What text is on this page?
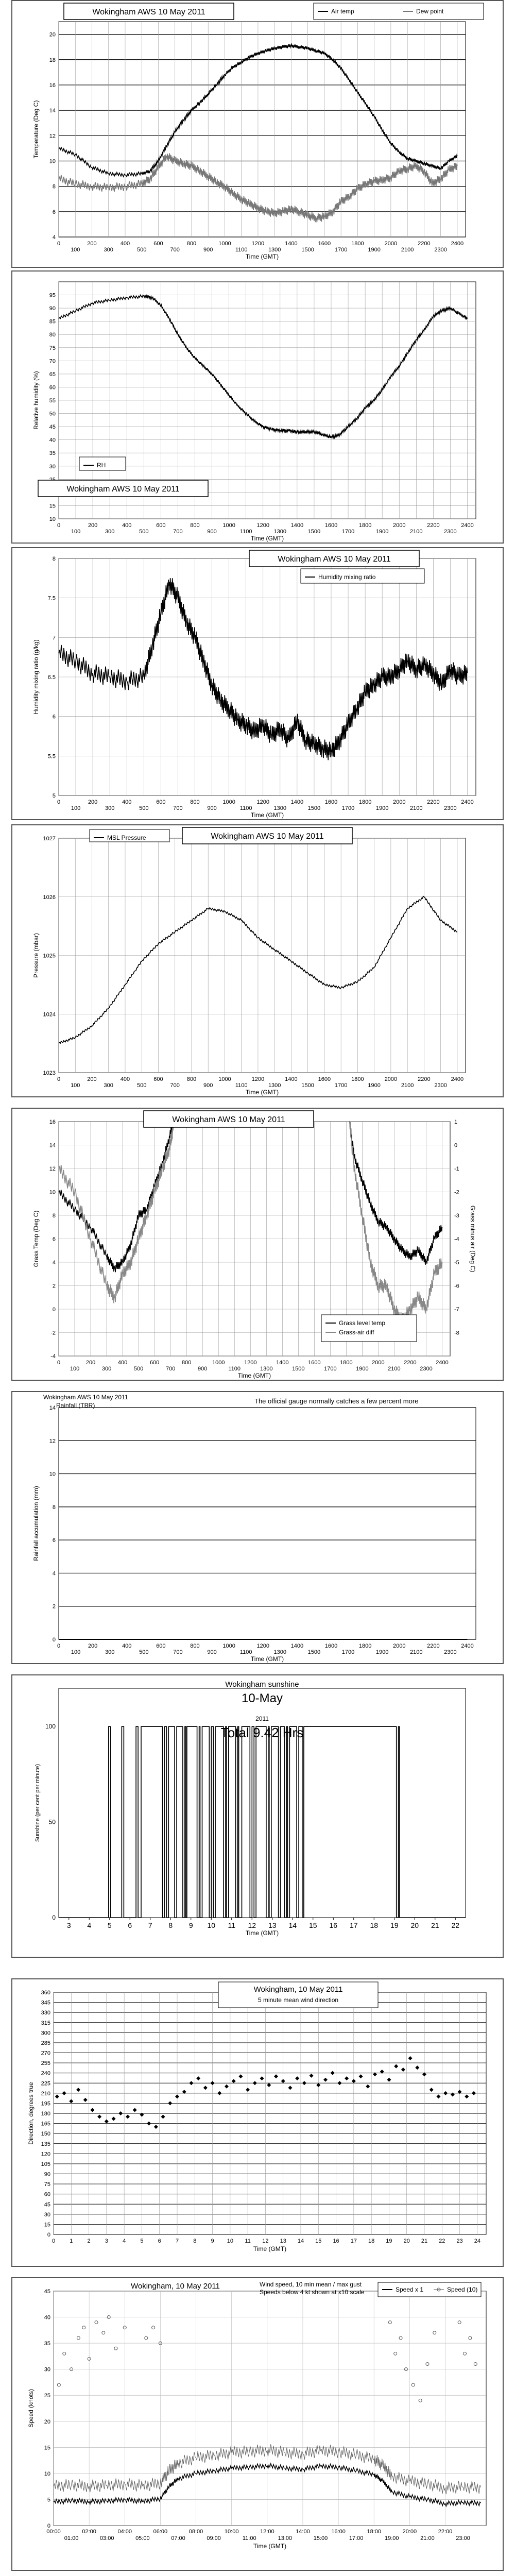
4
6
8
10
12
14
16
18
20
0
100
200
300
400
500
600
700
800
900
1000
1100
1200
1300
1400
1500
1600
1700
1800
1900
2000
2100
2200
2300
2400
Time (GMT)
Temperature (Deg C)
Wokingham AWS 10 May 2011	Air temp	Dew point
10
15
30
35
40
45
50
55
60
65
70
75
80
85
90
95
0
100
200
300
400
500
600
700
800
900
1000
1100
1200
1300
1400
1500
1600
1700
1800
1900
2000
2100
2200
2300
2400
Time (GMT)
Relative humidity (%)
Wokingham AWS 10 May 2011
RH
5
5.5
6
6.5
7
7.5
8
0
100
200
300
400
500
600
700
800
900
1000
1100
1200
1300
1400
1500
1600
1700
1800
1900
2000
2100
2200
2300
2400
Time (GMT)
Humidity mixing ratio (g/kg)
Wokingham AWS 10 May 2011
Humidity mixing ratio
1023
1024
1025
1026
1027
0
100
200
300
400
500
600
700
800
900
1000
1100
1200
1300
1400
1500
1600
1700
1800
1900
2000
2100
2200
2300
2400
Time (GMT)
Pressure (mbar)
Wokingham AWS 10 May 2011
MSL Pressure
-4
-2
0
2
4
6
8
10
12
14
16
0
100
200
300
400
500
600
700
800
900
1000
1100
1200
1300
1400
1500
1600
1700
1800
1900
2000
2100
2200
2300
2400
Time (GMT)
Grass Temp (Deg C)
-8
-7
-6
-5
-4
-3
-2
-1
0
1
Grass minus air (Deg C)
Wokingham AWS 10 May 2011
Grass level temp
Grass-air diff
0
2
4
6
8
10
12
14
0
100
200
300
400
500
600
700
800
900
1000
1100
1200
1300
1400
1500
1600
1700
1800
1900
2000
2100
2200
2300
2400
Time (GMT)
Rainfall accumulation (mm)
Wokingham AWS 10 May 2011
Rainfall (TBR)
The official gauge normally catches a few percent more
0
50
100
3 4 5 6 7 8 9 10 11 12 13 14 15 16 17 18 19 20 21 22
Time (GMT)
Sunshine (per cent per minute)
Wokingham sunshine
10-May
2011
Total 9.42 Hrs
0
15
30
45
60
75
90
105
120
135
150
165
180
195
210
225
240
255
270
285
300
315
330
345
360
0	1	2	3	4	5	6	7	8	9 10 11 12 13 14 15 16 17 18 19 20 21 22 23 24
Time (GMT)
Direction, degrees true
Wokingham, 10 May 2011
5 minute mean wind direction
0
5
10
15
20
25
30
35
40
45
00:00	02:00	04:00	06:00	08:00	10:00	12:00	14:00	16:00	18:00	20:00	22:00
01:00	03:00	05:00	07:00	09:00	11:00	13:00	15:00	17:00	19:00	21:00	23:00
Time (GMT)
Speed (knots)
Wokingham, 10 May 2011	Wind speed, 10 min mean / max gust
Speeds below 4 kt shown at x10 scale	Speed x 1	Speed (10)
